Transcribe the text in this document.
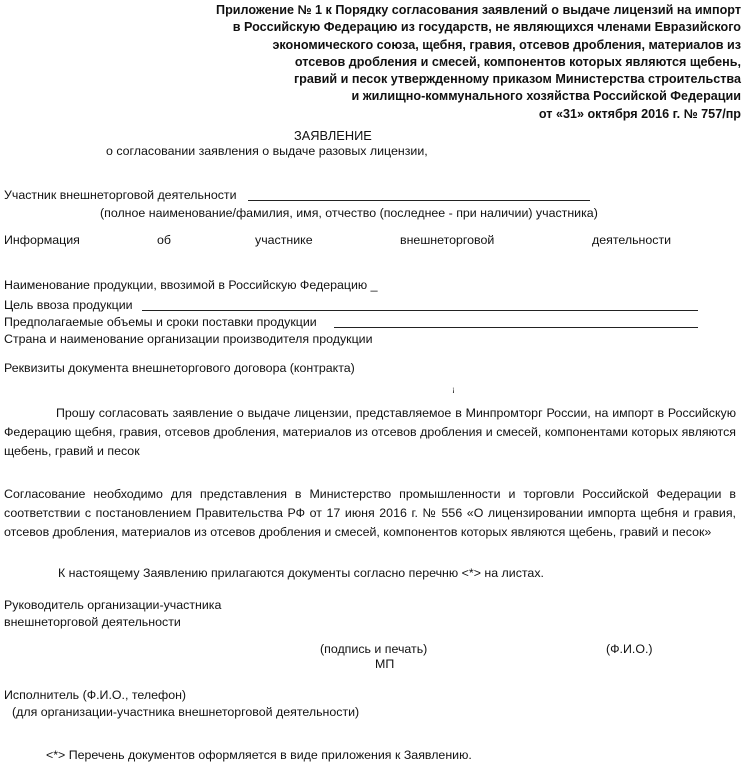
Приложение № 1 к Порядку согласования заявлений о выдаче лицензий на импорт
в Российскую Федерацию из государств, не являющихся членами Евразийского
экономического союза, щебня, гравия, отсевов дробления, материалов из
отсевов дробления и смесей, компонентов которых являются щебень,
гравий и песок утвержденному приказом Министерства строительства
и жилищно-коммунального хозяйства Российской Федерации
от «31» октября 2016 г. № 757/пр
ЗАЯВЛЕНИЕ
о согласовании заявления о выдаче разовых лицензии,
Участник внешнеторговой деятельности
(полное наименование/фамилия, имя, отчество (последнее - при наличии) участника)
Информация	об	участнике	внешнеторговой	деятельности
Наименование продукции, ввозимой в Российскую Федерацию _
Цель ввоза продукции
Предполагаемые объемы и сроки поставки продукции
Страна и наименование организации производителя продукции
Реквизиты документа внешнеторгового договора (контракта)
ꜟ
Прошу согласовать заявление о выдаче лицензии, представляемое в Минпромторг России, на импорт в Российскую Федерацию щебня, гравия, отсевов дробления, материалов из отсевов дробления и смесей, компонентами которых являются щебень, гравий и песок
Согласование необходимо для представления в Министерство промышленности и торговли Российской Федерации в соответствии с постановлением Правительства РФ от 17 июня 2016 г. № 556 «О лицензировании импорта щебня и гравия, отсевов дробления, материалов из отсевов дробления и смесей, компонентов которых являются щебень, гравий и песок»
К настоящему Заявлению прилагаются документы согласно перечню <*> на листах.
Руководитель организации-участника
внешнеторговой деятельности
(подпись и печать)	(Ф.И.О.)
МП
Исполнитель (Ф.И.О., телефон)
(для организации-участника внешнеторговой деятельности)
<*> Перечень документов оформляется в виде приложения к Заявлению.
